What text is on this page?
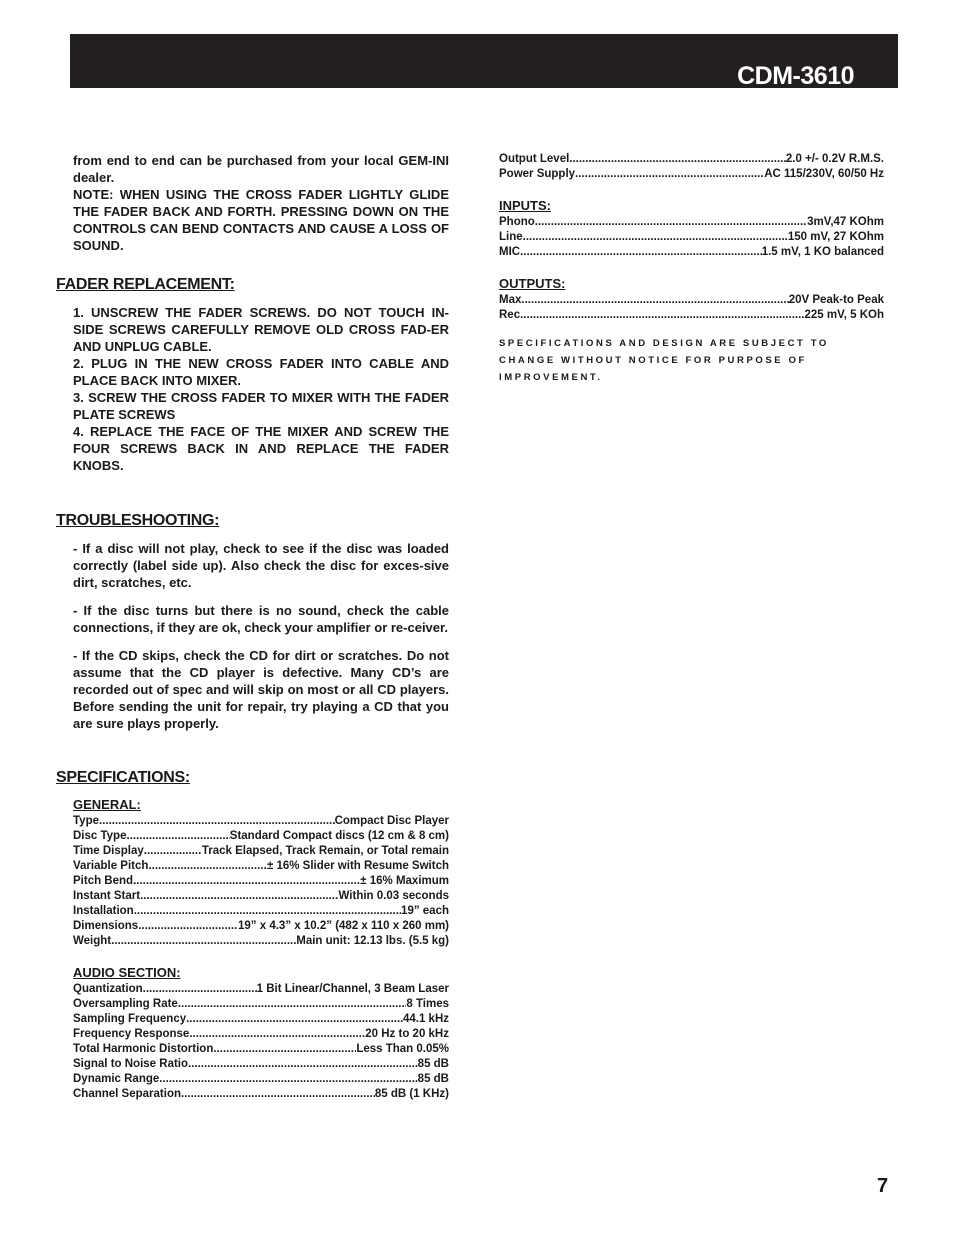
CDM-3610

from end to end can be purchased from your local GEM-INI dealer.

NOTE: WHEN USING THE CROSS FADER LIGHTLY GLIDE THE FADER BACK AND FORTH. PRESSING DOWN ON THE CONTROLS CAN BEND CONTACTS AND CAUSE A LOSS OF SOUND.

FADER REPLACEMENT:

1. UNSCREW THE FADER SCREWS. DO NOT TOUCH IN-SIDE SCREWS CAREFULLY REMOVE OLD CROSS FAD-ER AND UNPLUG CABLE.

2. PLUG IN THE NEW CROSS FADER INTO CABLE AND PLACE BACK INTO MIXER.

3. SCREW THE CROSS FADER TO MIXER WITH THE FADER PLATE SCREWS

4. REPLACE THE FACE OF THE MIXER AND SCREW THE FOUR SCREWS BACK IN AND REPLACE THE FADER KNOBS.

TROUBLESHOOTING:

- If a disc will not play, check to see if the disc was loaded correctly (label side up). Also check the disc for exces-sive dirt, scratches, etc.

- If the disc turns but there is no sound, check the cable connections, if they are ok, check your amplifier or re-ceiver.

- If the CD skips, check the CD for dirt or scratches. Do not assume that the CD player is defective. Many CD’s are recorded out of spec and will skip on most or all CD players. Before sending the unit for repair, try playing a CD that you are sure plays properly.

SPECIFICATIONS:
GENERAL:
Type .....	Compact Disc Player
Disc Type .....	Standard Compact discs (12 cm & 8 cm)
Time Display .....	Track Elapsed, Track Remain, or Total remain
Variable Pitch .....	± 16% Slider with Resume Switch
Pitch Bend .....	± 16% Maximum
Instant Start .....	Within 0.03 seconds
Installation .....	19” each
Dimensions .....	19” x 4.3” x 10.2” (482 x 110 x 260 mm)
Weight .....	Main unit: 12.13 lbs. (5.5 kg)
AUDIO SECTION:
Quantization .....	1 Bit Linear/Channel, 3 Beam Laser
Oversampling Rate .....	8 Times
Sampling Frequency .....	44.1 kHz
Frequency Response .....	20 Hz to 20 kHz
Total Harmonic Distortion .....	Less Than 0.05%
Signal to Noise Ratio .....	85 dB
Dynamic Range .....	85 dB
Channel Separation .....	85 dB (1 KHz)
Output Level .....	2.0 +/- 0.2V R.M.S.
Power Supply .....	AC 115/230V, 60/50 Hz
INPUTS:
Phono .....	3mV,47 KOhm
Line .....	150 mV, 27 KOhm
MIC .....	1.5 mV, 1 KO balanced
OUTPUTS:
Max .....	20V Peak-to Peak
Rec .....	225 mV, 5 KOh

SPECIFICATIONS AND DESIGN ARE SUBJECT TO CHANGE WITHOUT NOTICE FOR PURPOSE OF IMPROVEMENT.

7
